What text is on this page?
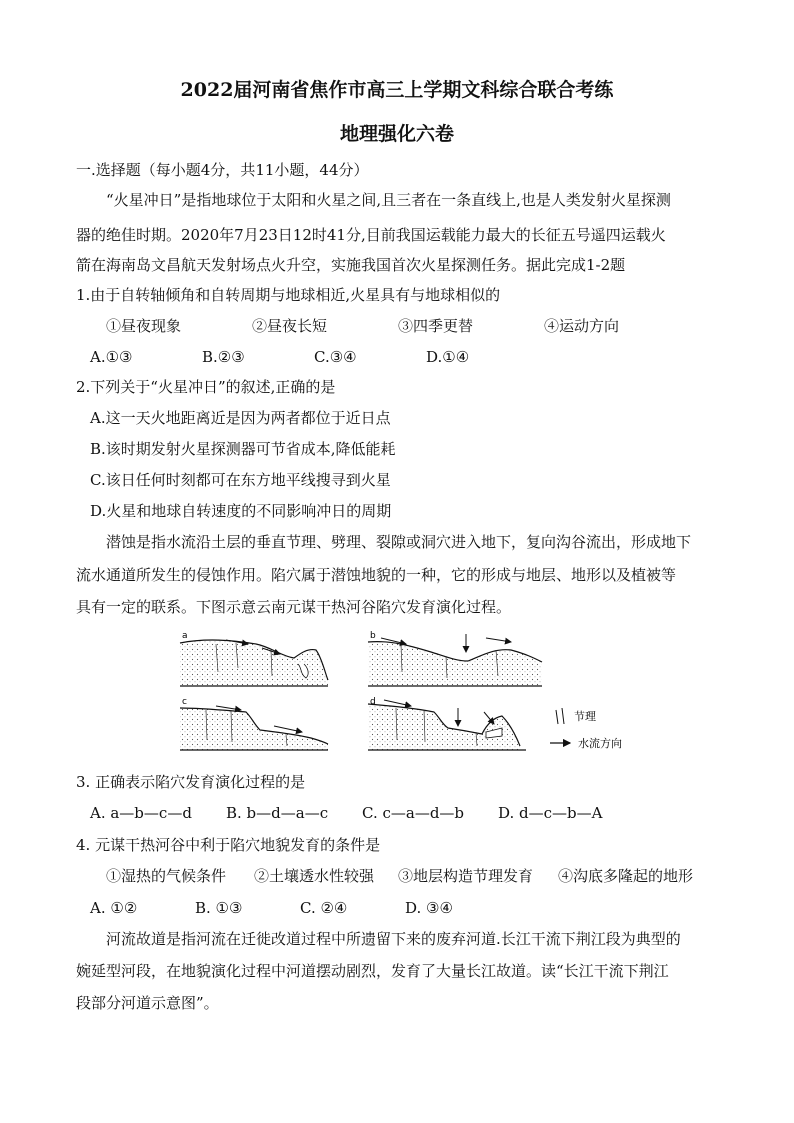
2022届河南省焦作市高三上学期文科综合联合考练
地理强化六卷
一.选择题（每小题4分，共11小题，44分）
“火星冲日”是指地球位于太阳和火星之间,且三者在一条直线上,也是人类发射火星探测
器的绝佳时期。2020年7月23日12时41分,目前我国运载能力最大的长征五号遥四运载火
箭在海南岛文昌航天发射场点火升空，实施我国首次火星探测任务。据此完成1-2题
1.由于自转轴倾角和自转周期与地球相近,火星具有与地球相似的
①昼夜现象	②昼夜长短	③四季更替	④运动方向
A.①③	B.②③	C.③④	D.①④
2.下列关于“火星冲日”的叙述,正确的是
A.这一天火地距离近是因为两者都位于近日点
B.该时期发射火星探测器可节省成本,降低能耗
C.该日任何时刻都可在东方地平线搜寻到火星
D.火星和地球自转速度的不同影响冲日的周期
潜蚀是指水流沿土层的垂直节理、劈理、裂隙或洞穴进入地下，复向沟谷流出，形成地下
流水通道所发生的侵蚀作用。陷穴属于潜蚀地貌的一种，它的形成与地层、地形以及植被等
具有一定的联系。下图示意云南元谋干热河谷陷穴发育演化过程。
a	b
c	d
节理
水流方向
3. 正确表示陷穴发育演化过程的是
A. a—b—c—d B. b—d—a—c C. c—a—d—b D. d—c—b—A
4. 元谋干热河谷中利于陷穴地貌发育的条件是
①湿热的气候条件 ②土壤透水性较强 ③地层构造节理发育 ④沟底多隆起的地形
A. ①②	B. ①③	C. ②④	D. ③④
河流故道是指河流在迁徙改道过程中所遗留下来的废弃河道.长江干流下荆江段为典型的
婉延型河段，在地貌演化过程中河道摆动剧烈，发育了大量长江故道。读“长江干流下荆江
段部分河道示意图”。
